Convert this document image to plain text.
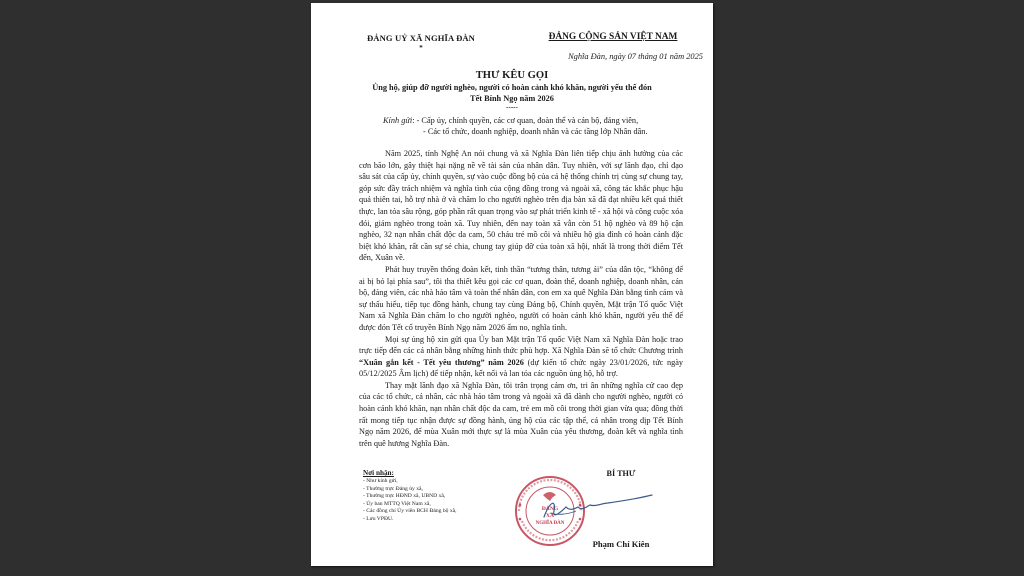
ĐẢNG UỶ XÃ NGHĨA ĐÀN
*
ĐẢNG CỘNG SẢN VIỆT NAM
Nghĩa Đàn, ngày 07 tháng 01 năm 2025
THƯ KÊU GỌI
Ủng hộ, giúp đỡ người nghèo, người có hoàn cảnh khó khăn, người yếu thế đón
Tết Bính Ngọ năm 2026
-----
Kính gửi: - Cấp ủy, chính quyền, các cơ quan, đoàn thể và cán bộ, đảng viên,
- Các tổ chức, doanh nghiệp, doanh nhân và các tầng lớp Nhân dân.

Năm 2025, tỉnh Nghệ An nói chung và xã Nghĩa Đàn liên tiếp chịu ảnh hưởng của các cơn bão lớn, gây thiệt hại nặng nề về tài sản của nhân dân. Tuy nhiên, với sự lãnh đạo, chỉ đạo sâu sát của cấp ủy, chính quyền, sự vào cuộc đồng bộ của cả hệ thống chính trị cùng sự chung tay, góp sức đầy trách nhiệm và nghĩa tình của cộng đồng trong và ngoài xã, công tác khắc phục hậu quả thiên tai, hỗ trợ nhà ở và chăm lo cho người nghèo trên địa bàn xã đã đạt nhiều kết quả thiết thực, lan tỏa sâu rộng, góp phần rất quan trọng vào sự phát triển kinh tế - xã hội và công cuộc xóa đói, giảm nghèo trong toàn xã. Tuy nhiên, đến nay toàn xã vẫn còn 51 hộ nghèo và 89 hộ cận nghèo, 32 nạn nhân chất độc da cam, 50 cháu trẻ mồ côi và nhiều hộ gia đình có hoàn cảnh đặc biệt khó khăn, rất cần sự sẻ chia, chung tay giúp đỡ của toàn xã hội, nhất là trong thời điểm Tết đến, Xuân về.

Phát huy truyền thống đoàn kết, tinh thần “tương thân, tương ái” của dân tộc, “không để ai bị bỏ lại phía sau”, tôi tha thiết kêu gọi các cơ quan, đoàn thể, doanh nghiệp, doanh nhân, cán bộ, đảng viên, các nhà hảo tâm và toàn thể nhân dân, con em xa quê Nghĩa Đàn bằng tình cảm và sự thấu hiểu, tiếp tục đồng hành, chung tay cùng Đảng bộ, Chính quyền, Mặt trận Tổ quốc Việt Nam xã Nghĩa Đàn chăm lo cho người nghèo, người có hoàn cảnh khó khăn, người yếu thế để được đón Tết cổ truyền Bính Ngọ năm 2026 ấm no, nghĩa tình.

Mọi sự ủng hộ xin gửi qua Ủy ban Mặt trận Tổ quốc Việt Nam xã Nghĩa Đàn hoặc trao trực tiếp đến các cá nhân bằng những hình thức phù hợp. Xã Nghĩa Đàn sẽ tổ chức Chương trình “Xuân gắn kết - Tết yêu thương” năm 2026 (dự kiến tổ chức ngày 23/01/2026, tức ngày 05/12/2025 Âm lịch) để tiếp nhận, kết nối và lan tỏa các nguồn ủng hộ, hỗ trợ.

Thay mặt lãnh đạo xã Nghĩa Đàn, tôi trân trọng cảm ơn, tri ân những nghĩa cử cao đẹp của các tổ chức, cá nhân, các nhà hảo tâm trong và ngoài xã đã dành cho người nghèo, người có hoàn cảnh khó khăn, nạn nhân chất độc da cam, trẻ em mồ côi trong thời gian vừa qua; đồng thời rất mong tiếp tục nhận được sự đồng hành, ủng hộ của các tập thể, cá nhân trong dịp Tết Bính Ngọ năm 2026, để mùa Xuân mới thực sự là mùa Xuân của yêu thương, đoàn kết và nghĩa tình trên quê hương Nghĩa Đàn.

Nơi nhận:
- Như kính gửi,
- Thường trực Đảng ủy xã,
- Thường trực HĐND xã, UBND xã,
- Ủy ban MTTQ Việt Nam xã,
- Các đồng chí Ủy viên BCH Đảng bộ xã,
- Lưu VPĐU.
BÍ THƯ
ĐẢNG
XÃ
NGHĨA ĐÀN
Phạm Chí Kiên
